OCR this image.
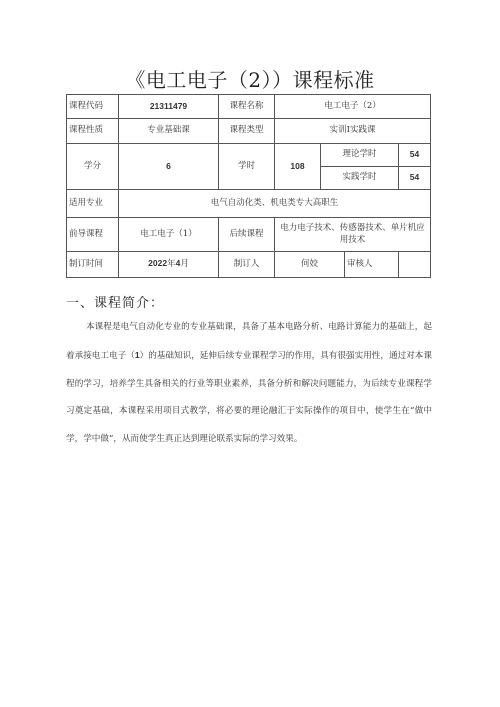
《电工电子（2））课程标准
课程代码	21311479	课程名称	电工电子（2）			
课程性质	专业基础课	课程类型	实训I实践课			
学分	6	学时	108	理论学时		54
				实践学时		54
适用专业	电气自动化类、机电类专大高职生					
前导课程	电工电子（1）	后续课程	电力电子技术、传感器技术、单片机应用技术			
制订时间	2022年4月	制订人	何姣		审核人	
一、课程简介：

本课程是电气自动化专业的专业基础课，具备了基本电路分析、电路计算能力的基础上，起着承接电工电子（1）的基础知识，延伸后续专业课程学习的作用，具有很强实用性，通过对本课程的学习，培养学生具备相关的行业等职业素养，具备分析和解决问题能力，为后续专业课程学习奠定基础，本课程采用项目式教学，将必要的理论融汇于实际操作的项目中，使学生在“做中学，学中做”，从而使学生真正达到理论联系实际的学习效果。
